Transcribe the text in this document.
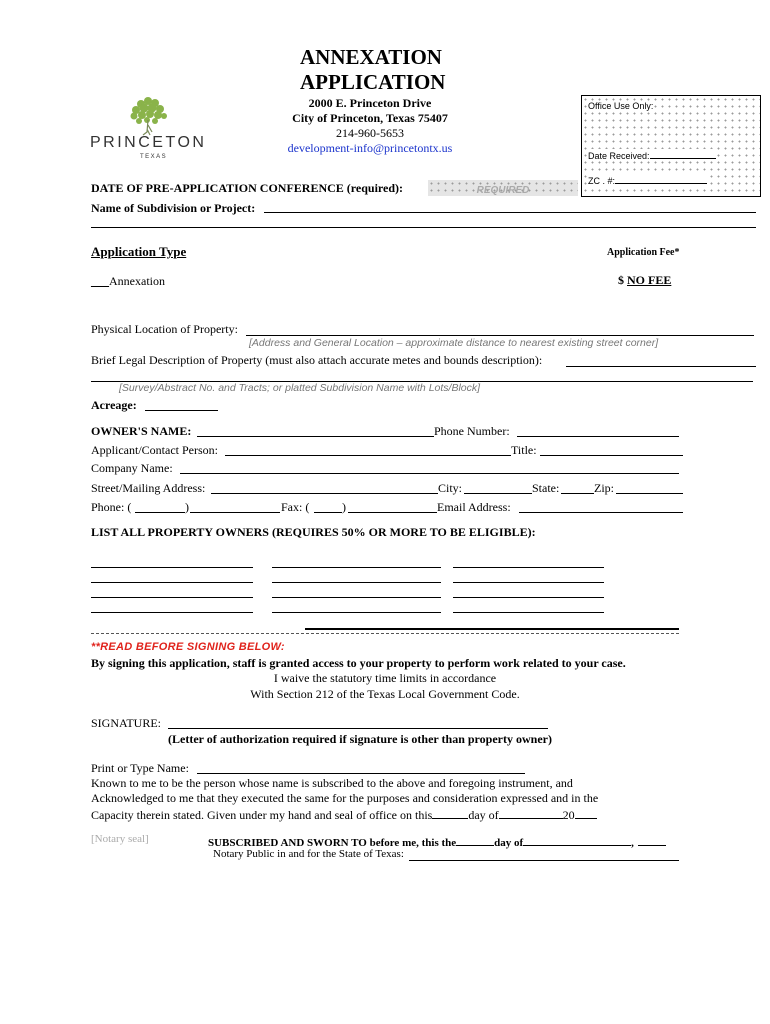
PRINCETON
TEXAS
ANNEXATION
APPLICATION
2000 E. Princeton Drive
City of Princeton, Texas 75407
214-960-5653
development-info@princetontx.us
Office Use Only:
Date Received:
ZC . #:
DATE OF PRE-APPLICATION CONFERENCE (required):	REQUIRED
Name of Subdivision or Project:
Application Type	Application Fee*
___Annexation	$ NO FEE
Physical Location of Property:
[Address and General Location – approximate distance to nearest existing street corner]
Brief Legal Description of Property (must also attach accurate metes and bounds description):
[Survey/Abstract No. and Tracts; or platted Subdivision Name with Lots/Block]
Acreage:
OWNER'S NAME:	Phone Number:
Applicant/Contact Person:	Title:
Company Name:
Street/Mailing Address:	City:	State:	Zip:
Phone: (	)	Fax: (	)	Email Address:
LIST ALL PROPERTY OWNERS (REQUIRES 50% OR MORE TO BE ELIGIBLE):
**READ BEFORE SIGNING BELOW:
By signing this application, staff is granted access to your property to perform work related to your case.
I waive the statutory time limits in accordance
With Section 212 of the Texas Local Government Code.
SIGNATURE:
(Letter of authorization required if signature is other than property owner)
Print or Type Name:
Known to me to be the person whose name is subscribed to the above and foregoing instrument, and
Acknowledged to me that they executed the same for the purposes and consideration expressed and in the
Capacity therein stated. Given under my hand and seal of office on this	day of	20
[Notary seal]	SUBSCRIBED AND SWORN TO before me, this the	day of	,
Notary Public in and for the State of Texas:
